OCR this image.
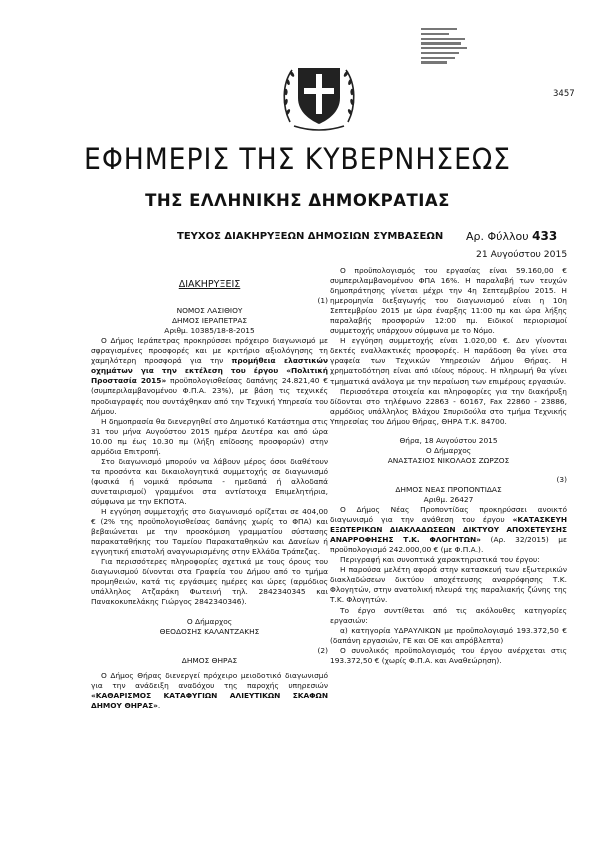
3457
ΕΦΗΜΕΡΙΣ ΤΗΣ ΚΥΒΕΡΝΗΣΕΩΣ
ΤΗΣ ΕΛΛΗΝΙΚΗΣ ΔΗΜΟΚΡΑΤΙΑΣ
ΤΕΥΧΟΣ ΔΙΑΚΗΡΥΞΕΩΝ ΔΗΜΟΣΙΩΝ ΣΥΜΒΑΣΕΩΝ Αρ. Φύλλου 433
21 Αυγούστου 2015
ΔΙΑΚΗΡΥΞΕΙΣ

(1)

ΝΟΜΟΣ ΛΑΣΙΘΙΟΥ

ΔΗΜΟΣ ΙΕΡΑΠΕΤΡΑΣ

Αριθμ. 10385/18-8-2015

Ο Δήμος Ιεράπετρας προκηρύσσει πρόχειρο διαγωνισμό με σφραγισμένες προσφορές και με κριτήριο αξιολόγησης τη χαμηλότερη προσφορά για την προμήθεια ελαστικών οχημάτων για την εκτέλεση του έργου «Πολιτική Προστασία 2015» προϋπολογισθείσας δαπάνης 24.821,40 € (συμπεριλαμβανομένου Φ.Π.Α. 23%), με βάση τις τεχνικές προδιαγραφές που συντάχθηκαν από την Τεχνική Υπηρεσία του Δήμου.

Η δημοπρασία θα διενεργηθεί στο Δημοτικό Κατάστημα στις 31 του μήνα Αυγούστου 2015 ημέρα Δευτέρα και από ώρα 10.00 πμ έως 10.30 πμ (λήξη επίδοσης προσφορών) στην αρμόδια Επιτροπή.

Στο διαγωνισμό μπορούν να λάβουν μέρος όσοι διαθέτουν τα προσόντα και δικαιολογητικά συμμετοχής σε διαγωνισμό (φυσικά ή νομικά πρόσωπα - ημεδαπά ή αλλοδαπά συνεταιρισμοί) γραμμένοι στα αντίστοιχα Επιμελητήρια, σύμφωνα με την ΕΚΠΟΤΑ.

Η εγγύηση συμμετοχής στο διαγωνισμό ορίζεται σε 404,00 € (2% της προϋπολογισθείσας δαπάνης χωρίς το ΦΠΑ) και βεβαιώνεται με την προσκόμιση γραμματίου σύστασης παρακαταθήκης του Ταμείου Παρακαταθηκών και Δανείων ή εγγυητική επιστολή αναγνωρισμένης στην Ελλάδα Τράπεζας.

Για περισσότερες πληροφορίες σχετικά με τους όρους του διαγωνισμού δίνονται στα Γραφεία του Δήμου από το τμήμα προμηθειών, κατά τις εργάσιμες ημέρες και ώρες (αρμόδιος υπάλληλος Ατζαράκη Φωτεινή τηλ. 2842340345 και Πανακοκυπελάκης Γιώργος 2842340346).

Ο Δήμαρχος

ΘΕΟΔΟΣΗΣ ΚΑΛΑΝΤΖΑΚΗΣ

(2)

ΔΗΜΟΣ ΘΗΡΑΣ

Ο Δήμος Θήρας διενεργεί πρόχειρο μειοδοτικό διαγωνισμό για την ανάδειξη αναδόχου της παροχής υπηρεσιών «ΚΑΘΑΡΙΣΜΟΣ ΚΑΤΑΦΥΓΙΩΝ ΑΛΙΕΥΤΙΚΩΝ ΣΚΑΦΩΝ ΔΗΜΟΥ ΘΗΡΑΣ».

Ο προϋπολογισμός του εργασίας είναι 59.160,00 € συμπεριλαμβανομένου ΦΠΑ 16%. Η παραλαβή των τευχών δημοπράτησης γίνεται μέχρι την 4η Σεπτεμβρίου 2015. Η ημερομηνία διεξαγωγής του διαγωνισμού είναι η 10η Σεπτεμβρίου 2015 με ώρα έναρξης 11:00 πμ και ώρα λήξης παραλαβής προσφορών 12:00 πμ. Ειδικοί περιορισμοί συμμετοχής υπάρχουν σύμφωνα με το Νόμο.

Η εγγύηση συμμετοχής είναι 1.020,00 €. Δεν γίνονται δεκτές εναλλακτικές προσφορές. Η παράδοση θα γίνει στα γραφεία των Τεχνικών Υπηρεσιών Δήμου Θήρας. Η χρηματοδότηση είναι από ιδίους πόρους. Η πληρωμή θα γίνει τμηματικά ανάλογα με την περαίωση των επιμέρους εργασιών.

Περισσότερα στοιχεία και πληροφορίες για την διακήρυξη δίδονται στο τηλέφωνο 22863 - 60167, Fax 22860 - 23886, αρμόδιος υπάλληλος Βλάχου Σπυριδούλα στο τμήμα Τεχνικής Υπηρεσίας του Δήμου Θήρας, ΘΗΡΑ Τ.Κ. 84700.

Θήρα, 18 Αυγούστου 2015

Ο Δήμαρχος

ΑΝΑΣΤΑΣΙΟΣ ΝΙΚΟΛΑΟΣ ΖΩΡΖΟΣ

(3)

ΔΗΜΟΣ ΝΕΑΣ ΠΡΟΠΟΝΤΙΔΑΣ

Αριθμ. 26427

Ο Δήμος Νέας Προποντίδας προκηρύσσει ανοικτό διαγωνισμό για την ανάθεση του έργου «ΚΑΤΑΣΚΕΥΗ ΕΞΩΤΕΡΙΚΩΝ ΔΙΑΚΛΑΔΩΣΕΩΝ ΔΙΚΤΥΟΥ ΑΠΟΧΕΤΕΥΣΗΣ ΑΝΑΡΡΟΦΗΣΗΣ Τ.Κ. ΦΛΟΓΗΤΩΝ» (Αρ. 32/2015) με προϋπολογισμό 242.000,00 € (με Φ.Π.Α.).

Περιγραφή και συνοπτικά χαρακτηριστικά του έργου:

Η παρούσα μελέτη αφορά στην κατασκευή των εξωτερικών διακλαδώσεων δικτύου αποχέτευσης αναρρόφησης Τ.Κ. Φλογητών, στην ανατολική πλευρά της παραλιακής ζώνης της Τ.Κ. Φλογητών.

Το έργο συντίθεται από τις ακόλουθες κατηγορίες εργασιών:

α) κατηγορία ΥΔΡΑΥΛΙΚΩΝ με προϋπολογισμό 193.372,50 € (δαπάνη εργασιών, ΓΕ και ΟΕ και απρόβλεπτα)

Ο συνολικός προϋπολογισμός του έργου ανέρχεται στις 193.372,50 € (χωρίς Φ.Π.Α. και Αναθεώρηση).
